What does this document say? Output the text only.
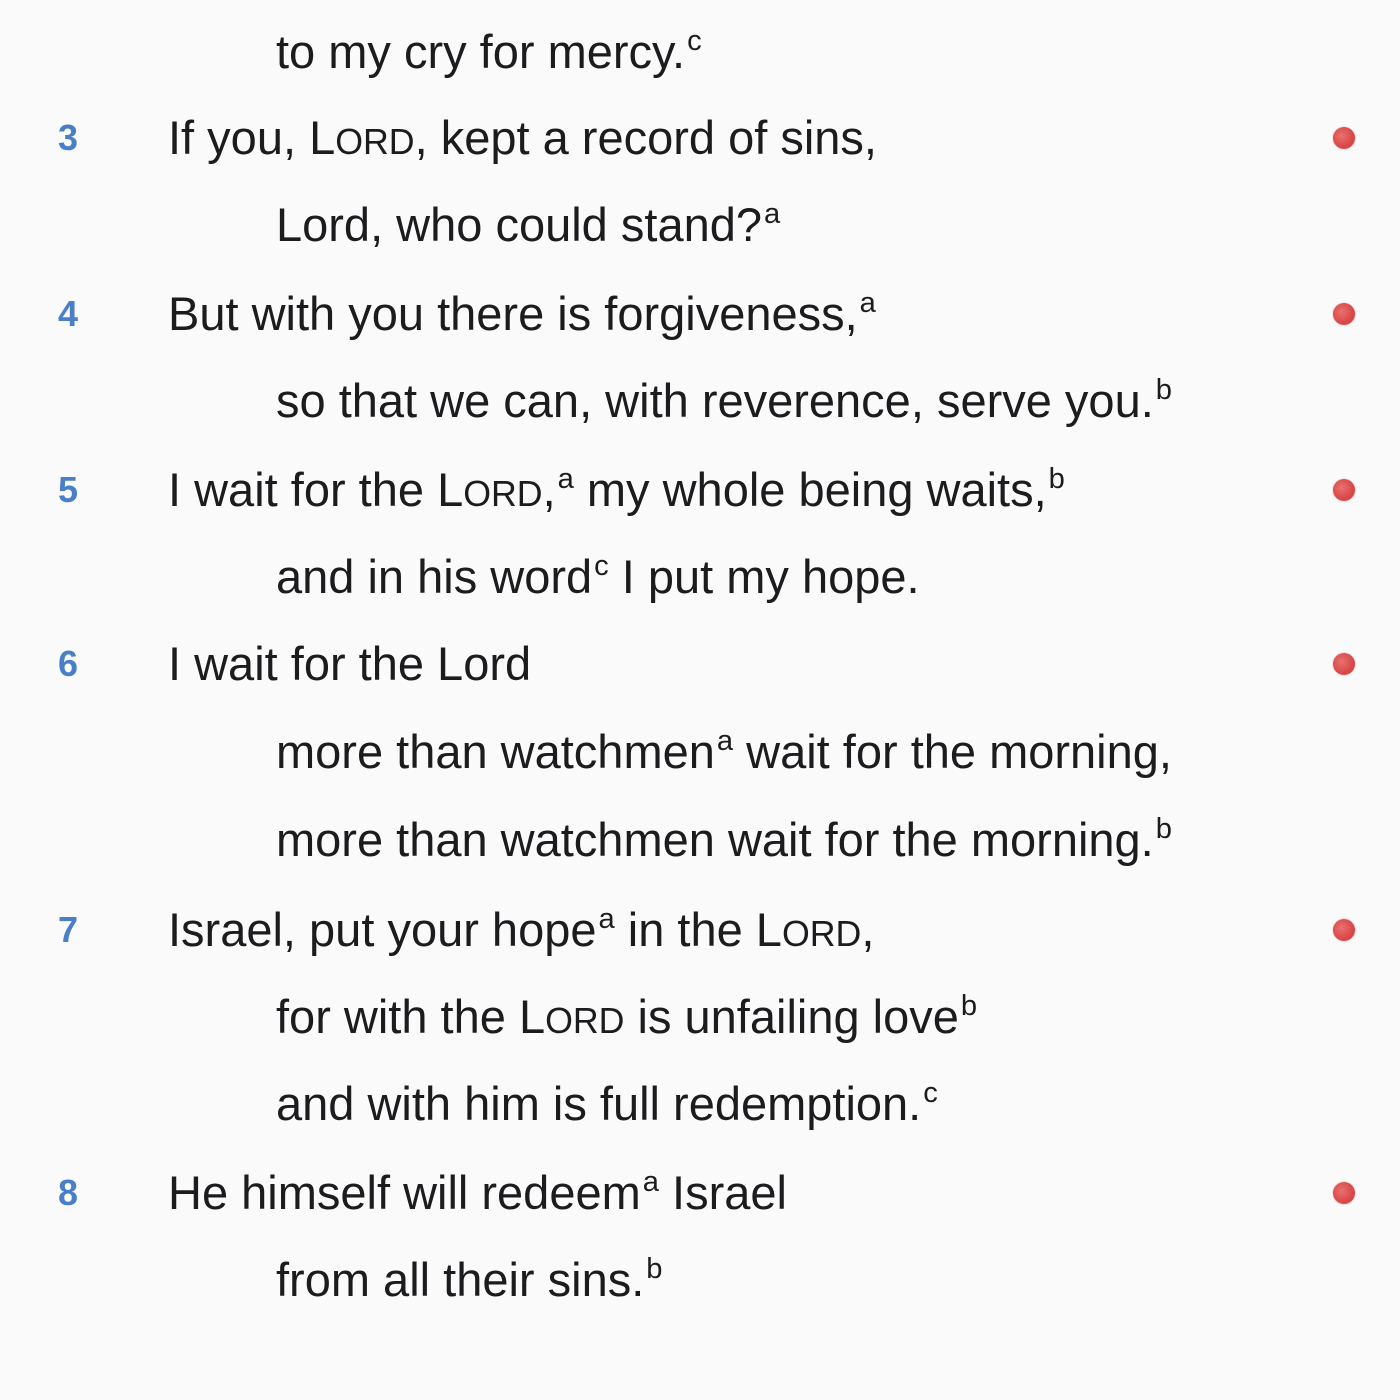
to my cry for mercy.$^c$
3	If you, LORD, kept a record of sins,
Lord, who could stand?$^a$
4	But with you there is forgiveness,$^a$
so that we can, with reverence, serve you.$^b$
5	I wait for the LORD,$^a$ my whole being waits,$^b$
and in his word$^c$ I put my hope.
6	I wait for the Lord
more than watchmen$^a$ wait for the morning,
more than watchmen wait for the morning.$^b$
7	Israel, put your hope$^a$ in the LORD,
for with the LORD is unfailing love$^b$
and with him is full redemption.$^c$
8	He himself will redeem$^a$ Israel
from all their sins.$^b$
